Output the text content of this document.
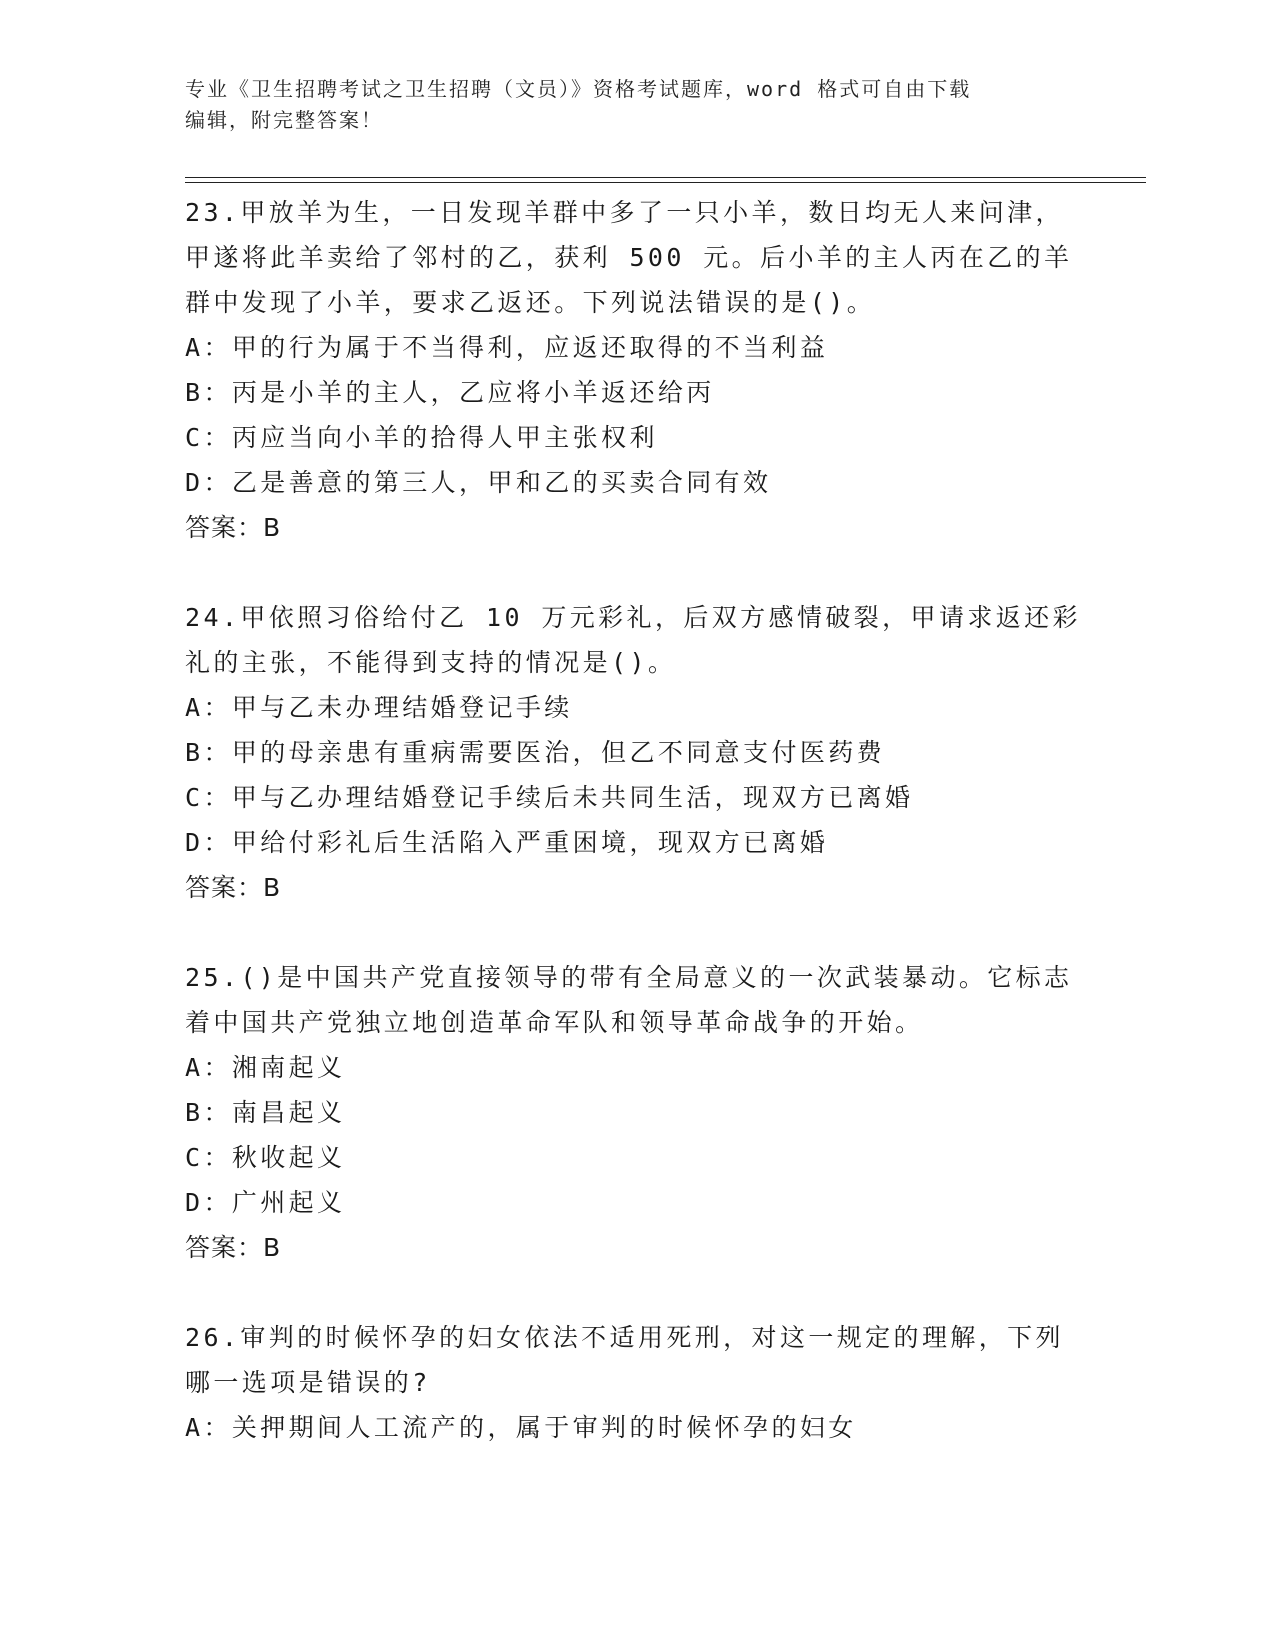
专业《卫生招聘考试之卫生招聘（文员）》资格考试题库，word 格式可自由下载
编辑，附完整答案！

23.甲放羊为生，一日发现羊群中多了一只小羊，数日均无人来问津，甲遂将此羊卖给了邻村的乙，获利 500 元。后小羊的主人丙在乙的羊群中发现了小羊，要求乙返还。下列说法错误的是()。

A：甲的行为属于不当得利，应返还取得的不当利益

B：丙是小羊的主人，乙应将小羊返还给丙

C：丙应当向小羊的拾得人甲主张权利

D：乙是善意的第三人，甲和乙的买卖合同有效

答案：B

24.甲依照习俗给付乙 10 万元彩礼，后双方感情破裂，甲请求返还彩礼的主张，不能得到支持的情况是()。

A：甲与乙未办理结婚登记手续

B：甲的母亲患有重病需要医治，但乙不同意支付医药费

C：甲与乙办理结婚登记手续后未共同生活，现双方已离婚

D：甲给付彩礼后生活陷入严重困境，现双方已离婚

答案：B

25.()是中国共产党直接领导的带有全局意义的一次武装暴动。它标志着中国共产党独立地创造革命军队和领导革命战争的开始。

A：湘南起义

B：南昌起义

C：秋收起义

D：广州起义

答案：B

26.审判的时候怀孕的妇女依法不适用死刑，对这一规定的理解，下列哪一选项是错误的?

A：关押期间人工流产的，属于审判的时候怀孕的妇女
